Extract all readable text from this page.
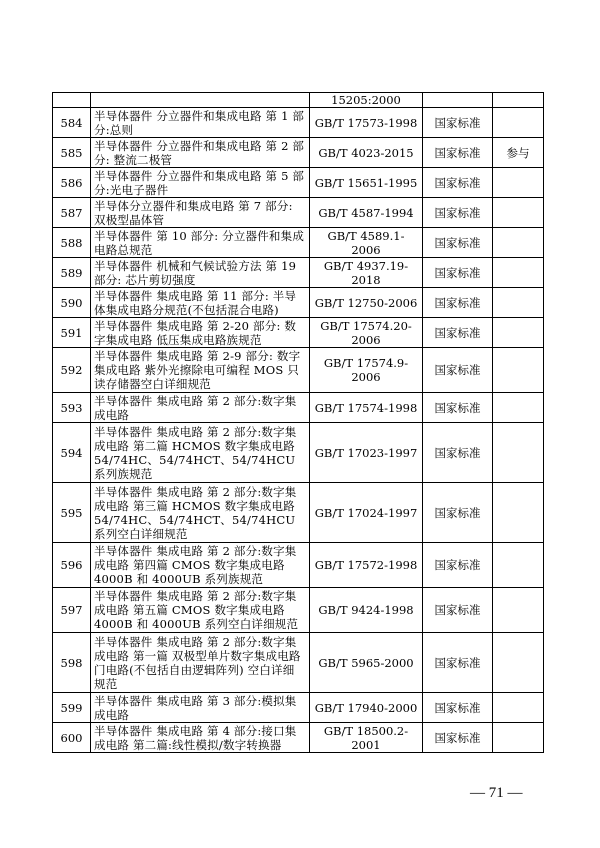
		15205:2000		
584	半导体器件 分立器件和集成电路 第 1 部分:总则	GB/T 17573-1998	国家标准	
585	半导体器件 分立器件和集成电路 第 2 部分: 整流二极管	GB/T 4023-2015	国家标准	参与
586	半导体器件 分立器件和集成电路 第 5 部分:光电子器件	GB/T 15651-1995	国家标准	
587	半导体分立器件和集成电路 第 7 部分: 双极型晶体管	GB/T 4587-1994	国家标准	
588	半导体器件 第 10 部分: 分立器件和集成电路总规范	GB/T 4589.1-2006	国家标准	
589	半导体器件 机械和气候试验方法 第 19 部分: 芯片剪切强度	GB/T 4937.19-2018	国家标准	
590	半导体器件 集成电路 第 11 部分: 半导体集成电路分规范(不包括混合电路)	GB/T 12750-2006	国家标准	
591	半导体器件 集成电路 第 2-20 部分: 数字集成电路 低压集成电路族规范	GB/T 17574.20-2006	国家标准	
592	半导体器件 集成电路 第 2-9 部分: 数字集成电路 紫外光擦除电可编程 MOS 只读存储器空白详细规范	GB/T 17574.9-2006	国家标准	
593	半导体器件 集成电路 第 2 部分:数字集成电路	GB/T 17574-1998	国家标准	
594	半导体器件 集成电路 第 2 部分:数字集成电路 第二篇 HCMOS 数字集成电路 54/74HC、54/74HCT、54/74HCU 系列族规范	GB/T 17023-1997	国家标准	
595	半导体器件 集成电路 第 2 部分:数字集成电路 第三篇 HCMOS 数字集成电路 54/74HC、54/74HCT、54/74HCU 系列空白详细规范	GB/T 17024-1997	国家标准	
596	半导体器件 集成电路 第 2 部分:数字集成电路 第四篇 CMOS 数字集成电路 4000B 和 4000UB 系列族规范	GB/T 17572-1998	国家标准	
597	半导体器件 集成电路 第 2 部分:数字集成电路 第五篇 CMOS 数字集成电路 4000B 和 4000UB 系列空白详细规范	GB/T 9424-1998	国家标准	
598	半导体器件 集成电路 第 2 部分:数字集成电路 第一篇 双极型单片数字集成电路门电路(不包括自由逻辑阵列) 空白详细规范	GB/T 5965-2000	国家标准	
599	半导体器件 集成电路 第 3 部分:模拟集成电路	GB/T 17940-2000	国家标准	
600	半导体器件 集成电路 第 4 部分:接口集成电路 第二篇:线性模拟/数字转换器	GB/T 18500.2-2001	国家标准	
— 71 —
